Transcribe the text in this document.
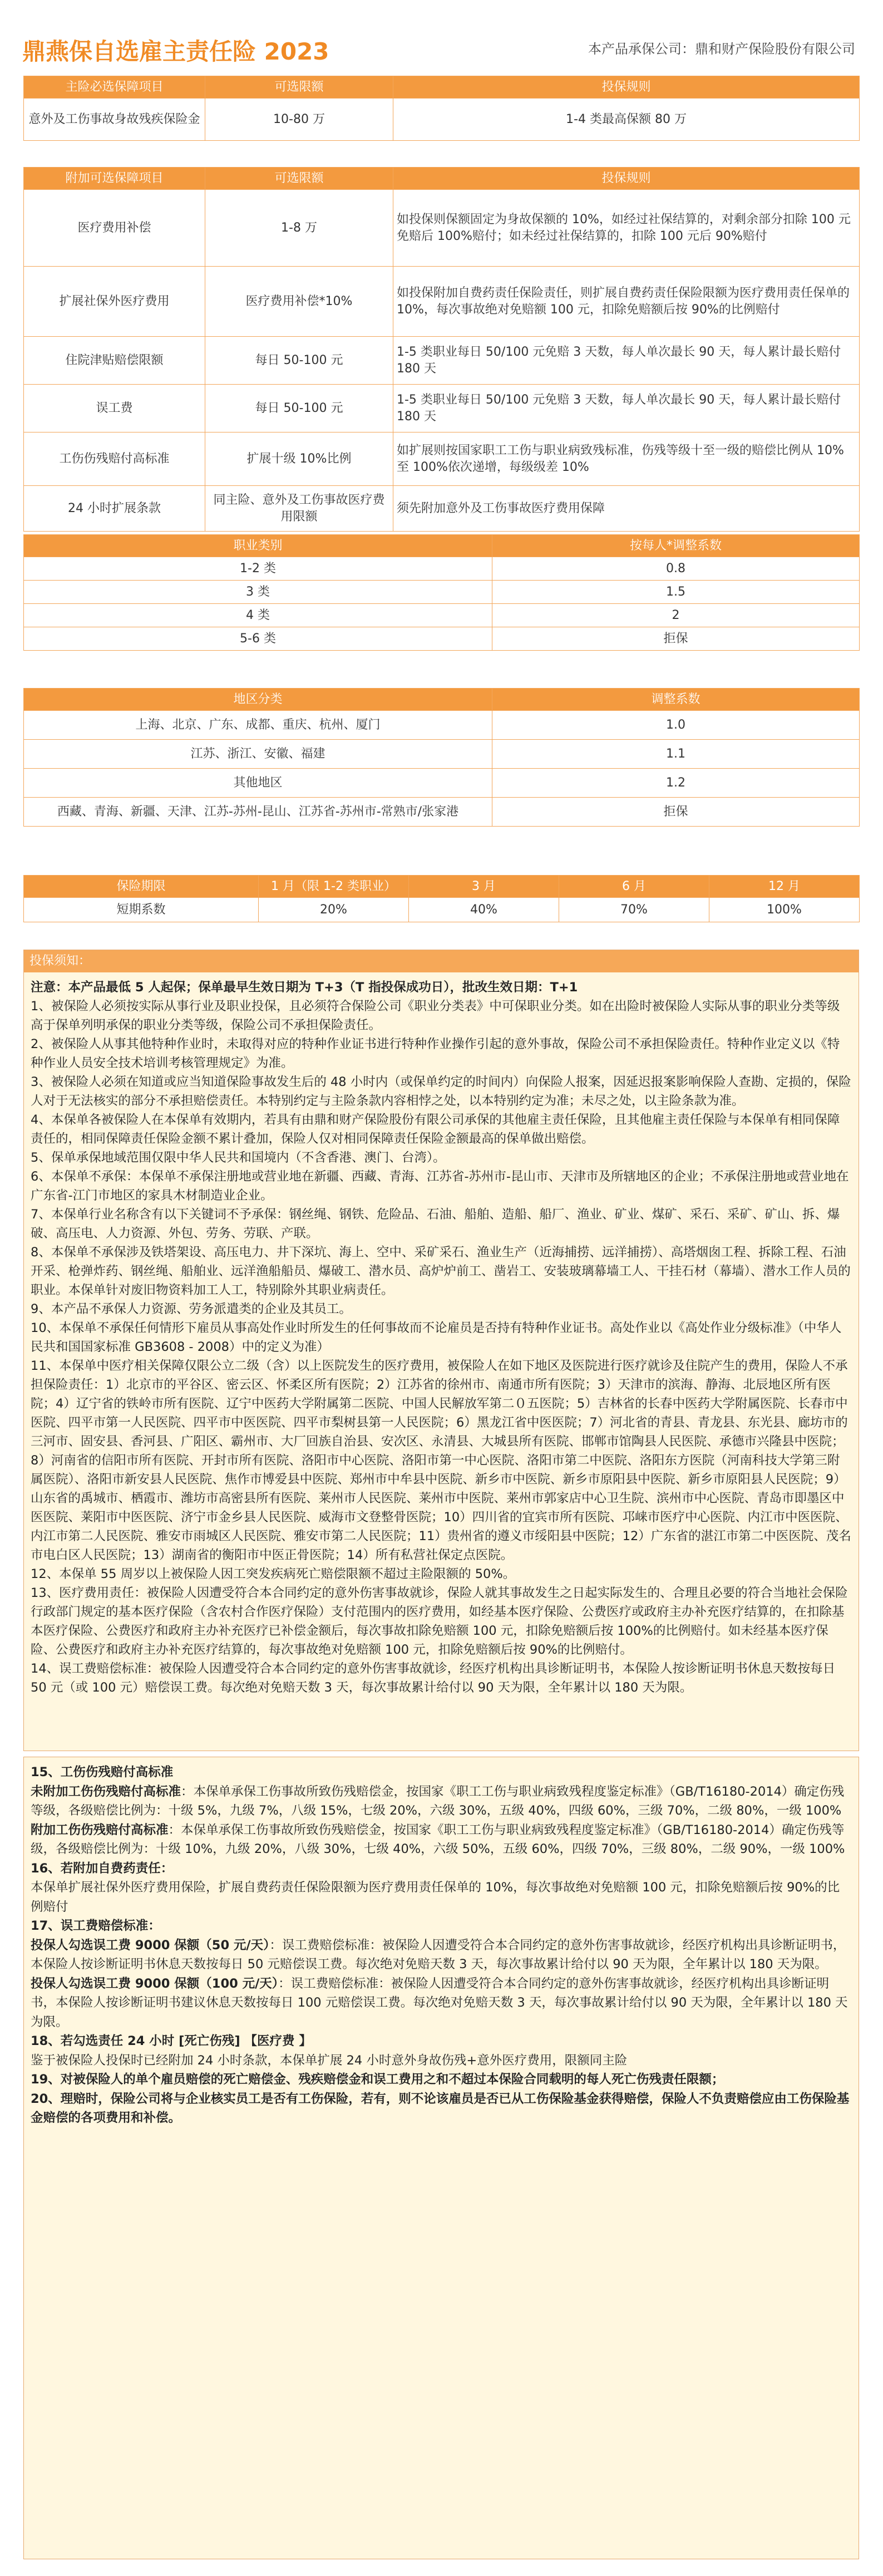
鼎燕保自选雇主责任险 2023	本产品承保公司：鼎和财产保险股份有限公司
主险必选保障项目	可选限额	投保规则
意外及工伤事故身故残疾保险金	10-80 万	1-4 类最高保额 80 万
附加可选保障项目	可选限额	投保规则
医疗费用补偿	1-8 万	如投保则保额固定为身故保额的 10%，如经过社保结算的，对剩余部分扣除 100 元免赔后 100%赔付；如未经过社保结算的，扣除 100 元后 90%赔付
扩展社保外医疗费用	医疗费用补偿*10%	如投保附加自费药责任保险责任，则扩展自费药责任保险限额为医疗费用责任保单的 10%，每次事故绝对免赔额 100 元，扣除免赔额后按 90%的比例赔付
住院津贴赔偿限额	每日 50-100 元	1-5 类职业每日 50/100 元免赔 3 天数，每人单次最长 90 天，每人累计最长赔付 180 天
误工费	每日 50-100 元	1-5 类职业每日 50/100 元免赔 3 天数，每人单次最长 90 天，每人累计最长赔付 180 天
工伤伤残赔付高标准	扩展十级 10%比例	如扩展则按国家职工工伤与职业病致残标准，伤残等级十至一级的赔偿比例从 10%至 100%依次递增，每级级差 10%
24 小时扩展条款	同主险、意外及工伤事故医疗费用限额	须先附加意外及工伤事故医疗费用保障
职业类别	按每人*调整系数
1-2 类	0.8
3 类	1.5
4 类	2
5-6 类	拒保
地区分类	调整系数
上海、北京、广东、成都、重庆、杭州、厦门	1.0
江苏、浙江、安徽、福建	1.1
其他地区	1.2
西藏、青海、新疆、天津、江苏-苏州-昆山、江苏省-苏州市-常熟市/张家港	拒保
保险期限	1 月（限 1-2 类职业）	3 月	6 月	12 月
短期系数	20%	40%	70%	100%
投保须知：

注意：本产品最低 5 人起保；保单最早生效日期为 T+3（T 指投保成功日），批改生效日期：T+1

1、被保险人必须按实际从事行业及职业投保，且必须符合保险公司《职业分类表》中可保职业分类。如在出险时被保险人实际从事的职业分类等级高于保单列明承保的职业分类等级，保险公司不承担保险责任。

2、被保险人从事其他特种作业时，未取得对应的特种作业证书进行特种作业操作引起的意外事故，保险公司不承担保险责任。特种作业定义以《特种作业人员安全技术培训考核管理规定》为准。

3、被保险人必须在知道或应当知道保险事故发生后的 48 小时内（或保单约定的时间内）向保险人报案，因延迟报案影响保险人查勘、定损的，保险人对于无法核实的部分不承担赔偿责任。本特别约定与主险条款内容相悖之处，以本特别约定为准；未尽之处，以主险条款为准。

4、本保单各被保险人在本保单有效期内，若具有由鼎和财产保险股份有限公司承保的其他雇主责任保险，且其他雇主责任保险与本保单有相同保障责任的，相同保障责任保险金额不累计叠加，保险人仅对相同保障责任保险金额最高的保单做出赔偿。

5、保单承保地域范围仅限中华人民共和国境内（不含香港、澳门、台湾）。

6、本保单不承保：本保单不承保注册地或营业地在新疆、西藏、青海、江苏省-苏州市-昆山市、天津市及所辖地区的企业；不承保注册地或营业地在广东省-江门市地区的家具木材制造业企业。

7、本保单行业名称含有以下关键词不予承保：钢丝绳、钢铁、危险品、石油、船舶、造船、船厂、渔业、矿业、煤矿、采石、采矿、矿山、拆、爆破、高压电、人力资源、外包、劳务、劳联、产联。

8、本保单不承保涉及铁塔架设、高压电力、井下深坑、海上、空中、采矿采石、渔业生产（近海捕捞、远洋捕捞）、高塔烟囱工程、拆除工程、石油开采、枪弹炸药、钢丝绳、船舶业、远洋渔船船员、爆破工、潜水员、高炉炉前工、凿岩工、安装玻璃幕墙工人、干挂石材（幕墙）、潜水工作人员的职业。本保单针对废旧物资料加工人工，特别除外其职业病责任。

9、本产品不承保人力资源、劳务派遣类的企业及其员工。

10、本保单不承保任何情形下雇员从事高处作业时所发生的任何事故而不论雇员是否持有特种作业证书。高处作业以《高处作业分级标准》（中华人民共和国国家标准 GB3608 - 2008）中的定义为准）

11、本保单中医疗相关保障仅限公立二级（含）以上医院发生的医疗费用，被保险人在如下地区及医院进行医疗就诊及住院产生的费用，保险人不承担保险责任：1）北京市的平谷区、密云区、怀柔区所有医院；2）江苏省的徐州市、南通市所有医院；3）天津市的滨海、静海、北辰地区所有医院；4）辽宁省的铁岭市所有医院、辽宁中医药大学附属第二医院、中国人民解放军第二０五医院；5）吉林省的长春中医药大学附属医院、长春市中医院、四平市第一人民医院、四平市中医医院、四平市梨树县第一人民医院；6）黑龙江省中医医院；7）河北省的青县、青龙县、东光县、廊坊市的三河市、固安县、香河县、广阳区、霸州市、大厂回族自治县、安次区、永清县、大城县所有医院、邯郸市馆陶县人民医院、承德市兴隆县中医院；8）河南省的信阳市所有医院、开封市所有医院、洛阳市中心医院、洛阳市第一中心医院、洛阳市第二中医院、洛阳东方医院（河南科技大学第三附属医院）、洛阳市新安县人民医院、焦作市博爱县中医院、郑州市中牟县中医院、新乡市中医院、新乡市原阳县中医院、新乡市原阳县人民医院；9）山东省的禹城市、栖霞市、潍坊市高密县所有医院、莱州市人民医院、莱州市中医院、莱州市郭家店中心卫生院、滨州市中心医院、青岛市即墨区中医医院、莱阳市中医医院、济宁市金乡县人民医院、威海市文登整骨医院；10）四川省的宜宾市所有医院、邛崃市医疗中心医院、内江市中医医院、内江市第二人民医院、雅安市雨城区人民医院、雅安市第二人民医院；11）贵州省的遵义市绥阳县中医院；12）广东省的湛江市第二中医医院、茂名市电白区人民医院；13）湖南省的衡阳市中医正骨医院；14）所有私营社保定点医院。

12、本保单 55 周岁以上被保险人因工突发疾病死亡赔偿限额不超过主险限额的 50%。

13、医疗费用责任：被保险人因遭受符合本合同约定的意外伤害事故就诊，保险人就其事故发生之日起实际发生的、合理且必要的符合当地社会保险行政部门规定的基本医疗保险（含农村合作医疗保险）支付范围内的医疗费用，如经基本医疗保险、公费医疗或政府主办补充医疗结算的，在扣除基本医疗保险、公费医疗和政府主办补充医疗已补偿金额后，每次事故扣除免赔额 100 元，扣除免赔额后按 100%的比例赔付。如未经基本医疗保险、公费医疗和政府主办补充医疗结算的，每次事故绝对免赔额 100 元，扣除免赔额后按 90%的比例赔付。

14、误工费赔偿标准：被保险人因遭受符合本合同约定的意外伤害事故就诊，经医疗机构出具诊断证明书，本保险人按诊断证明书休息天数按每日 50 元（或 100 元）赔偿误工费。每次绝对免赔天数 3 天，每次事故累计给付以 90 天为限，全年累计以 180 天为限。

15、工伤伤残赔付高标准

未附加工伤伤残赔付高标准：本保单承保工伤事故所致伤残赔偿金，按国家《职工工伤与职业病致残程度鉴定标准》（GB/T16180-2014）确定伤残等级，各级赔偿比例为：十级 5%，九级 7%，八级 15%，七级 20%，六级 30%，五级 40%，四级 60%，三级 70%，二级 80%，一级 100%

附加工伤伤残赔付高标准：本保单承保工伤事故所致伤残赔偿金，按国家《职工工伤与职业病致残程度鉴定标准》（GB/T16180-2014）确定伤残等级，各级赔偿比例为：十级 10%，九级 20%，八级 30%，七级 40%，六级 50%，五级 60%，四级 70%，三级 80%，二级 90%，一级 100%

16、若附加自费药责任：

本保单扩展社保外医疗费用保险，扩展自费药责任保险限额为医疗费用责任保单的 10%，每次事故绝对免赔额 100 元，扣除免赔额后按 90%的比例赔付

17、误工费赔偿标准：

投保人勾选误工费 9000 保额（50 元/天）：误工费赔偿标准：被保险人因遭受符合本合同约定的意外伤害事故就诊，经医疗机构出具诊断证明书，本保险人按诊断证明书休息天数按每日 50 元赔偿误工费。每次绝对免赔天数 3 天，每次事故累计给付以 90 天为限，全年累计以 180 天为限。

投保人勾选误工费 9000 保额（100 元/天）：误工费赔偿标准：被保险人因遭受符合本合同约定的意外伤害事故就诊，经医疗机构出具诊断证明书，本保险人按诊断证明书建议休息天数按每日 100 元赔偿误工费。每次绝对免赔天数 3 天，每次事故累计给付以 90 天为限，全年累计以 180 天为限。

18、若勾选责任 24 小时 [死亡伤残] 【医疗费 】

鉴于被保险人投保时已经附加 24 小时条款，本保单扩展 24 小时意外身故伤残+意外医疗费用，限额同主险

19、对被保险人的单个雇员赔偿的死亡赔偿金、残疾赔偿金和误工费用之和不超过本保险合同载明的每人死亡伤残责任限额；

20、理赔时，保险公司将与企业核实员工是否有工伤保险，若有，则不论该雇员是否已从工伤保险基金获得赔偿，保险人不负责赔偿应由工伤保险基金赔偿的各项费用和补偿。
